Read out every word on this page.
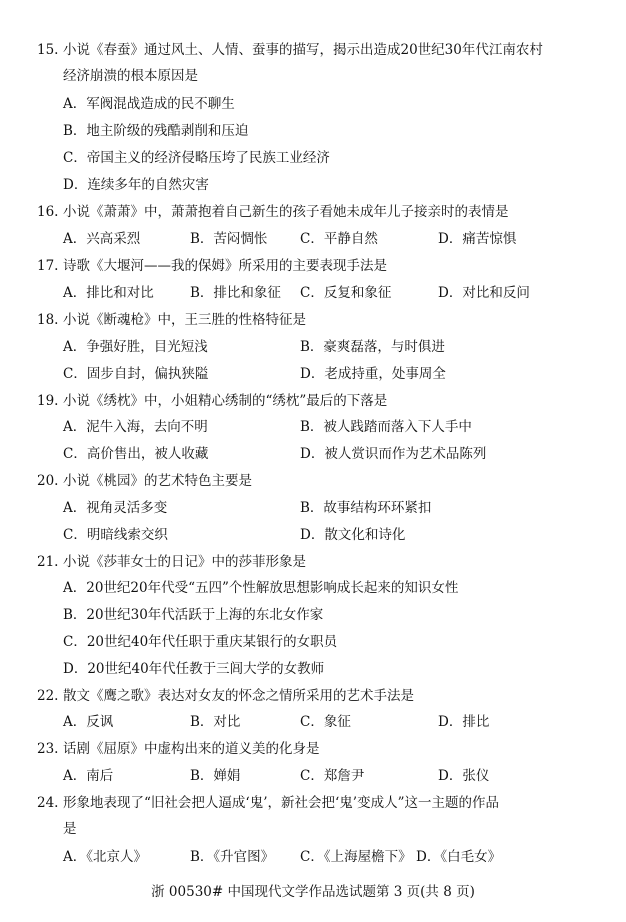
15. 小说《春蚕》通过风土、人情、蚕事的描写，揭示出造成20世纪30年代江南农村
经济崩溃的根本原因是
A．军阀混战造成的民不聊生
B．地主阶级的残酷剥削和压迫
C．帝国主义的经济侵略压垮了民族工业经济
D．连续多年的自然灾害
16. 小说《萧萧》中，萧萧抱着自己新生的孩子看她未成年儿子接亲时的表情是
A．兴高采烈	B．苦闷惆怅 C．平静自然	D．痛苦惊惧
17. 诗歌《大堰河——我的保姆》所采用的主要表现手法是
A．排比和对比	B．排比和象征 C．反复和象征	D．对比和反问
18. 小说《断魂枪》中，王三胜的性格特征是
A．争强好胜，目光短浅	B．豪爽磊落，与时俱进
C．固步自封，偏执狭隘	D．老成持重，处事周全
19. 小说《绣枕》中，小姐精心绣制的“绣枕”最后的下落是
A．泥牛入海，去向不明	B．被人践踏而落入下人手中
C．高价售出，被人收藏	D．被人赏识而作为艺术品陈列
20. 小说《桃园》的艺术特色主要是
A．视角灵活多变	B．故事结构环环紧扣
C．明暗线索交织	D．散文化和诗化
21. 小说《莎菲女士的日记》中的莎菲形象是
A．20世纪20年代受“五四”个性解放思想影响成长起来的知识女性
B．20世纪30年代活跃于上海的东北女作家
C．20世纪40年代任职于重庆某银行的女职员
D．20世纪40年代任教于三闾大学的女教师
22. 散文《鹰之歌》表达对女友的怀念之情所采用的艺术手法是
A．反讽	B．对比	C．象征	D．排比
23. 话剧《屈原》中虚构出来的道义美的化身是
A．南后	B．婵娟	C．郑詹尹	D．张仪
24. 形象地表现了“旧社会把人逼成‘鬼’，新社会把‘鬼’变成人”这一主题的作品
是
A．《北京人》	B．《升官图》 C．《上海屋檐下》 D．《白毛女》
浙 00530# 中国现代文学作品选试题第 3 页(共 8 页)
